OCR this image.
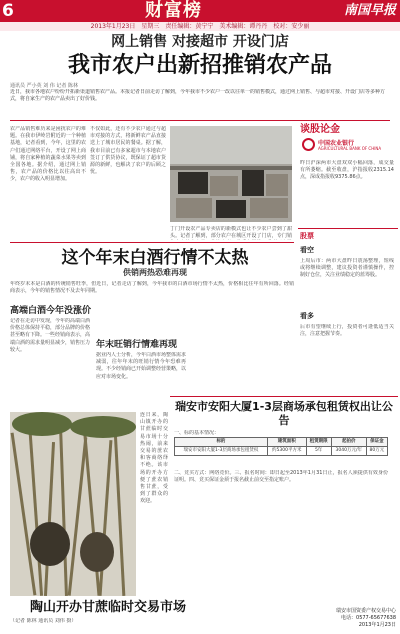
6	财富榜	南国早报
2013年1月23日　星期三　责任编辑：黄宁宁　美术编辑：谭丹丹　校对：安少丽
网上销售 对接超市 开设门店
我市农户出新招推销农产品
通讯员 严小英 刘 伟 记者 陈林
近日，我市各地农户纷纷开拓新渠道销售农产品。本报记者日前走访了解到，今年我市不少农户一改以往单一的销售模式，通过网上销售、与超市对接、开设门店等多种方式，将自家生产的农产品卖出了好价钱。
农产品销售难历来是困扰农户的难题。在我市伊岭岩附近的一个种植基地，记者看到，今年，这里的农户们通过网络平台，开设了网上商铺，将自家种植的蔬菜水果等卖到全国各地。据介绍，通过网上销售，农产品的价格比以往高出不少，农户的收入明显增加。
不仅如此，还有不少农户通过与超市对接的方式，将新鲜农产品直接送上了城市居民的餐桌。据了解，我市目前已有多家超市与本地农户签订了供货协议，既保证了超市货源的新鲜，也解决了农户的后顾之忧。
丁门开设农产品专卖店的新模式也让不少农户尝到了甜头。记者了解到，部分农户在城区开设了门店，专门销
谈股论金
中国农业银行
AGRICULTURAL BANK OF CHINA
昨日沪深两市大盘双双小幅回落，成交量有所萎缩。截至收盘，沪指报收2315.14点，深成指报收9375.86点。
股票
看空
上周后市：两市大盘昨日震荡整理，短线或将继续调整，建议投资者谨慎操作，控制好仓位，关注业绩稳定的蓝筹股。
看多
后市有望继续上行，投资者可逢低适当关注，注意把握节奏。
这个年末白酒行情不太热
供销两热恐难再现
年终岁末本是白酒的传统销售旺季，但近日，记者走访了解到，今年我市的白酒市场行情不太热，价格相比往年有所回落。经销商表示，今年的销售情况不及去年同期。
高端白酒今年没涨价
记者在走访中发现，今年的高端白酒价格总体保持平稳，部分品牌的价格甚至略有下降。一些经销商表示，高端白酒的需求量明显减少，销售压力较大。	年末旺销行情难再现
据业内人士分析，今年白酒市场整体需求减弱，往年年末的旺销行情今年恐难再现。不少经销商已开始调整经营策略，以应对市场变化。
连日来，陶山镇开办的甘蔗临时交易市场十分热闹，前来交易的蔗农和客商络绎不绝。该市场的开办方便了蔗农销售甘蔗，受到了群众的欢迎。
陶山开办甘蔗临时交易市场
（记者 陈林 通讯员 刘伟 摄）
瑞安市安阳大厦1-3层商场承包租赁权出让公告
一、标的基本情况：
标的	建筑面积	租赁期限	起拍价	保证金
瑞安市安阳大厦1-3层商场承包租赁权	约5300平方米	5年	3040万元/年	80万元
二、竞买方式：网络竞价。三、报名时间：即日起至2013年1月31日止，报名人须提供有效身份证明。四、竞买保证金须于报名截止前交至指定账户。
瑞安市国资委产权交易中心
电话：0577-65677638
2013年1月23日
